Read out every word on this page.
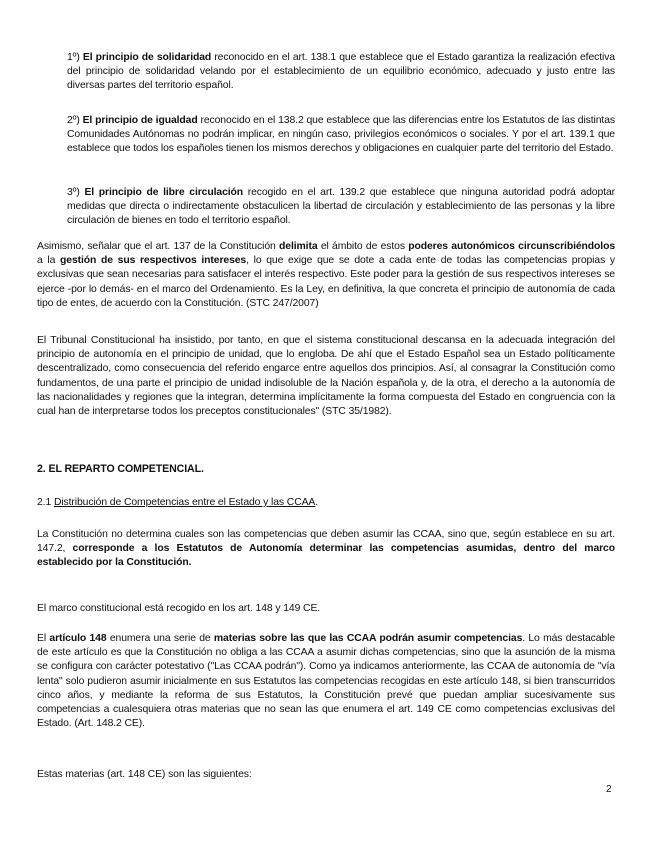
1º) El principio de solidaridad reconocido en el art. 138.1 que establece que el Estado garantiza la realización efectiva del principio de solidaridad velando por el establecimiento de un equilibrio económico, adecuado y justo entre las diversas partes del territorio español.

2º) El principio de igualdad reconocido en el 138.2 que establece que las diferencias entre los Estatutos de las distintas Comunidades Autónomas no podrán implicar, en ningún caso, privilegios económicos o sociales. Y por el art. 139.1 que establece que todos los españoles tienen los mismos derechos y obligaciones en cualquier parte del territorio del Estado.

3º) El principio de libre circulación recogido en el art. 139.2 que establece que ninguna autoridad podrá adoptar medidas que directa o indirectamente obstaculicen la libertad de circulación y establecimiento de las personas y la libre circulación de bienes en todo el territorio español.

Asimismo, señalar que el art. 137 de la Constitución delimita el ámbito de estos poderes autonómicos circunscribiéndolos a la gestión de sus respectivos intereses, lo que exige que se dote a cada ente de todas las competencias propias y exclusivas que sean necesarias para satisfacer el interés respectivo. Este poder para la gestión de sus respectivos intereses se ejerce -por lo demás- en el marco del Ordenamiento. Es la Ley, en definitiva, la que concreta el principio de autonomía de cada tipo de entes, de acuerdo con la Constitución. (STC 247/2007)

El Tribunal Constitucional ha insistido, por tanto, en que el sistema constitucional descansa en la adecuada integración del principio de autonomía en el principio de unidad, que lo engloba. De ahí que el Estado Español sea un Estado políticamente descentralizado, como consecuencia del referido engarce entre aquellos dos principios. Así, al consagrar la Constitución como fundamentos, de una parte el principio de unidad indisoluble de la Nación española y, de la otra, el derecho a la autonomía de las nacionalidades y regiones que la integran, determina implícitamente la forma compuesta del Estado en congruencia con la cual han de interpretarse todos los preceptos constitucionales" (STC 35/1982).

2. EL REPARTO COMPETENCIAL.

2.1 Distribución de Competencias entre el Estado y las CCAA.

La Constitución no determina cuales son las competencias que deben asumir las CCAA, sino que, según establece en su art. 147.2, corresponde a los Estatutos de Autonomía determinar las competencias asumidas, dentro del marco establecido por la Constitución.

El marco constitucional está recogido en los art. 148 y 149 CE.

El artículo 148 enumera una serie de materias sobre las que las CCAA podrán asumir competencias. Lo más destacable de este artículo es que la Constitución no obliga a las CCAA a asumir dichas competencias, sino que la asunción de la misma se configura con carácter potestativo ("Las CCAA podrán"). Como ya indicamos anteriormente, las CCAA de autonomía de "vía lenta" solo pudieron asumir inicialmente en sus Estatutos las competencias recogidas en este artículo 148, si bien transcurridos cinco años, y mediante la reforma de sus Estatutos, la Constitución prevé que puedan ampliar sucesivamente sus competencias a cualesquiera otras materias que no sean las que enumera el art. 149 CE como competencias exclusivas del Estado. (Art. 148.2 CE).

Estas materias (art. 148 CE) son las siguientes:

2
